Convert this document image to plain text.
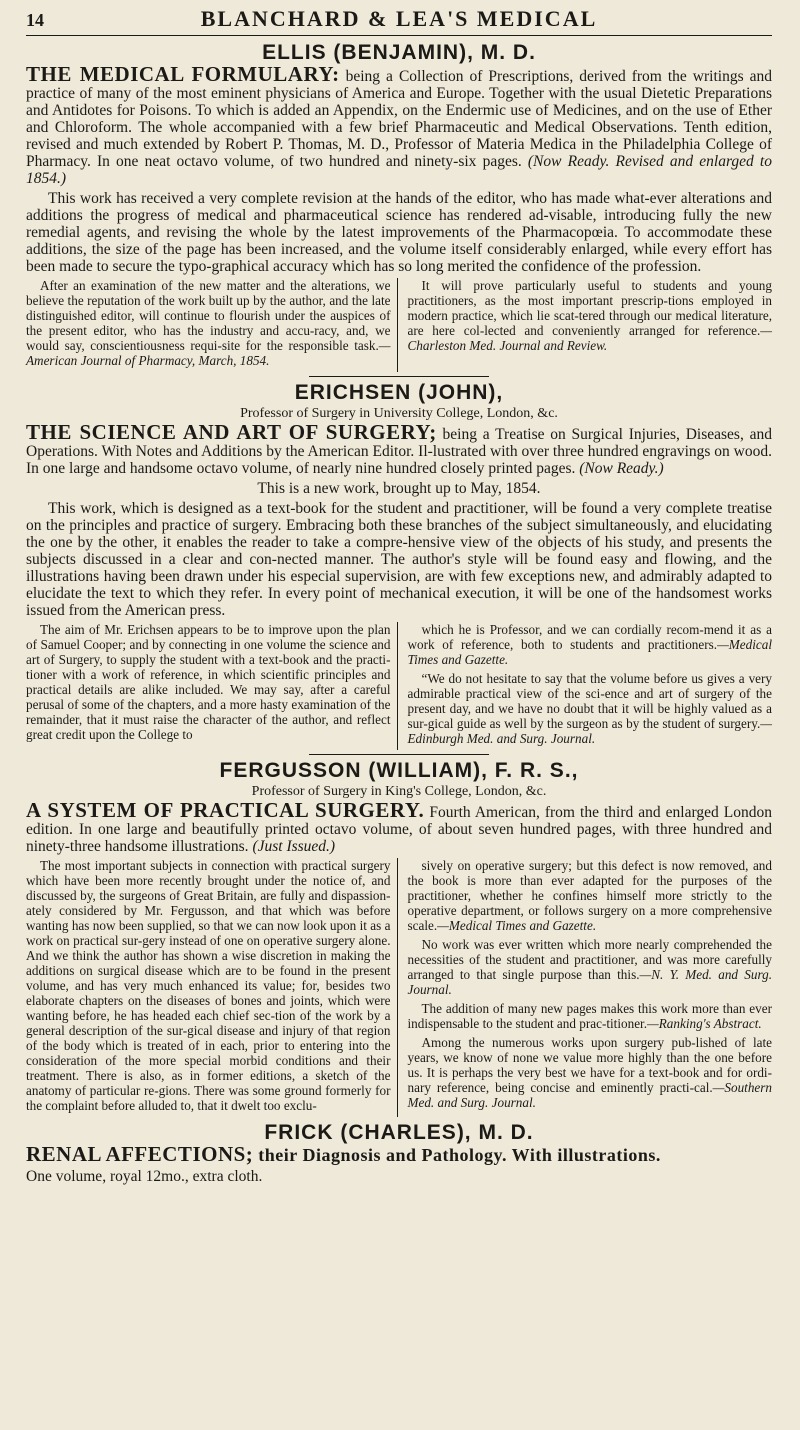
14	BLANCHARD & LEA'S MEDICAL
ELLIS (BENJAMIN), M. D.

THE MEDICAL FORMULARY: being a Collection of Prescriptions, derived from the writings and practice of many of the most eminent physicians of America and Europe. Together with the usual Dietetic Preparations and Antidotes for Poisons. To which is added an Appendix, on the Endermic use of Medicines, and on the use of Ether and Chloroform. The whole accompanied with a few brief Pharmaceutic and Medical Observations. Tenth edition, revised and much extended by Robert P. Thomas, M. D., Professor of Materia Medica in the Philadelphia College of Pharmacy. In one neat octavo volume, of two hundred and ninety-six pages. (Now Ready. Revised and enlarged to 1854.)

This work has received a very complete revision at the hands of the editor, who has made what-ever alterations and additions the progress of medical and pharmaceutical science has rendered ad-visable, introducing fully the new remedial agents, and revising the whole by the latest improvements of the Pharmacopœia. To accommodate these additions, the size of the page has been increased, and the volume itself considerably enlarged, while every effort has been made to secure the typo-graphical accuracy which has so long merited the confidence of the profession.

After an examination of the new matter and the alterations, we believe the reputation of the work built up by the author, and the late distinguished editor, will continue to flourish under the auspices of the present editor, who has the industry and accu-racy, and, we would say, conscientiousness requi-site for the responsible task.—American Journal of Pharmacy, March, 1854.

It will prove particularly useful to students and young practitioners, as the most important prescrip-tions employed in modern practice, which lie scat-tered through our medical literature, are here col-lected and conveniently arranged for reference.—Charleston Med. Journal and Review.

ERICHSEN (JOHN),
Professor of Surgery in University College, London, &c.

THE SCIENCE AND ART OF SURGERY; being a Treatise on Surgical Injuries, Diseases, and Operations. With Notes and Additions by the American Editor. Il-lustrated with over three hundred engravings on wood. In one large and handsome octavo volume, of nearly nine hundred closely printed pages. (Now Ready.)

This is a new work, brought up to May, 1854.

This work, which is designed as a text-book for the student and practitioner, will be found a very complete treatise on the principles and practice of surgery. Embracing both these branches of the subject simultaneously, and elucidating the one by the other, it enables the reader to take a compre-hensive view of the objects of his study, and presents the subjects discussed in a clear and con-nected manner. The author's style will be found easy and flowing, and the illustrations having been drawn under his especial supervision, are with few exceptions new, and admirably adapted to elucidate the text to which they refer. In every point of mechanical execution, it will be one of the handsomest works issued from the American press.

The aim of Mr. Erichsen appears to be to improve upon the plan of Samuel Cooper; and by connecting in one volume the science and art of Surgery, to supply the student with a text-book and the practi-tioner with a work of reference, in which scientific principles and practical details are alike included. We may say, after a careful perusal of some of the chapters, and a more hasty examination of the remainder, that it must raise the character of the author, and reflect great credit upon the College to

which he is Professor, and we can cordially recom-mend it as a work of reference, both to students and practitioners.—Medical Times and Gazette.

“We do not hesitate to say that the volume before us gives a very admirable practical view of the sci-ence and art of surgery of the present day, and we have no doubt that it will be highly valued as a sur-gical guide as well by the surgeon as by the student of surgery.—Edinburgh Med. and Surg. Journal.

FERGUSSON (WILLIAM), F. R. S.,
Professor of Surgery in King's College, London, &c.

A SYSTEM OF PRACTICAL SURGERY. Fourth American, from the third and enlarged London edition. In one large and beautifully printed octavo volume, of about seven hundred pages, with three hundred and ninety-three handsome illustrations. (Just Issued.)

The most important subjects in connection with practical surgery which have been more recently brought under the notice of, and discussed by, the surgeons of Great Britain, are fully and dispassion-ately considered by Mr. Fergusson, and that which was before wanting has now been supplied, so that we can now look upon it as a work on practical sur-gery instead of one on operative surgery alone. And we think the author has shown a wise discretion in making the additions on surgical disease which are to be found in the present volume, and has very much enhanced its value; for, besides two elaborate chapters on the diseases of bones and joints, which were wanting before, he has headed each chief sec-tion of the work by a general description of the sur-gical disease and injury of that region of the body which is treated of in each, prior to entering into the consideration of the more special morbid conditions and their treatment. There is also, as in former editions, a sketch of the anatomy of particular re-gions. There was some ground formerly for the complaint before alluded to, that it dwelt too exclu-

sively on operative surgery; but this defect is now removed, and the book is more than ever adapted for the purposes of the practitioner, whether he confines himself more strictly to the operative department, or follows surgery on a more comprehensive scale.—Medical Times and Gazette.

No work was ever written which more nearly comprehended the necessities of the student and practitioner, and was more carefully arranged to that single purpose than this.—N. Y. Med. and Surg. Journal.

The addition of many new pages makes this work more than ever indispensable to the student and prac-titioner.—Ranking's Abstract.

Among the numerous works upon surgery pub-lished of late years, we know of none we value more highly than the one before us. It is perhaps the very best we have for a text-book and for ordi-nary reference, being concise and eminently practi-cal.—Southern Med. and Surg. Journal.

FRICK (CHARLES), M. D.

RENAL AFFECTIONS; their Diagnosis and Pathology. With illustrations.

One volume, royal 12mo., extra cloth.
